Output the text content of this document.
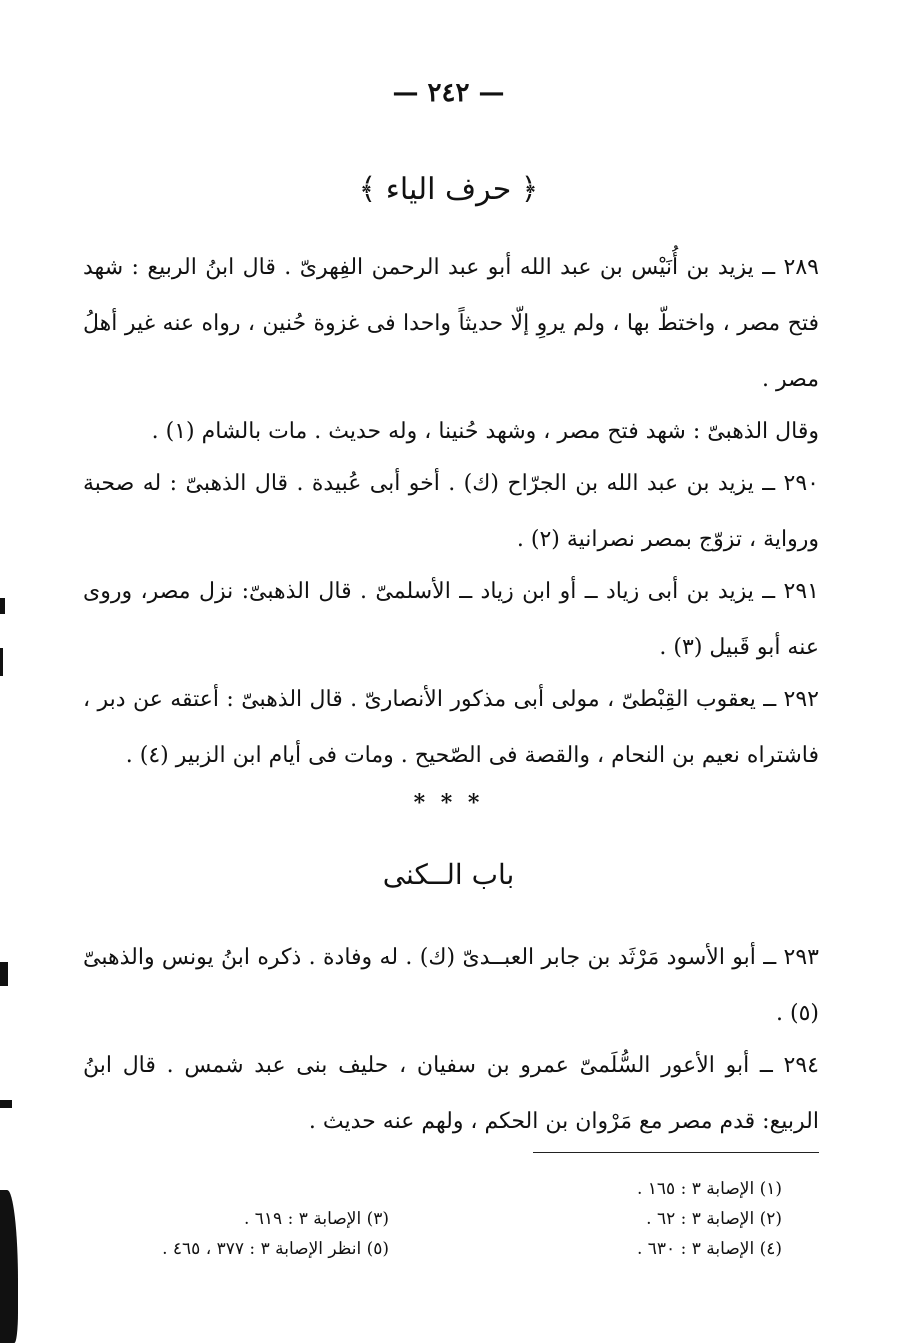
— ٢٤٢ —
﴿ حرف الياء ﴾
٢٨٩ ــ يزيد بن أُنَيْس بن عبد الله أبو عبد الرحمن الفِهرىّ . قال ابنُ الربيع : شهد فتح مصر ، واختطّ بها ، ولم يروِ إلّا حديثاً واحدا فى غزوة حُنين ، رواه عنه غير أهلُ مصر .
وقال الذهبىّ : شهد فتح مصر ، وشهد حُنينا ، وله حديث . مات بالشام (١) .
٢٩٠ ــ يزيد بن عبد الله بن الجرّاح (ك) . أخو أبى عُبيدة . قال الذهبىّ : له صحبة ورواية ، تزوّج بمصر نصرانية (٢) .
٢٩١ ــ يزيد بن أبى زياد ــ أو ابن زياد ــ الأسلمىّ . قال الذهبىّ: نزل مصر، وروى عنه أبو قَبيل (٣) .
٢٩٢ ــ يعقوب القِبْطىّ ، مولى أبى مذكور الأنصارىّ . قال الذهبىّ : أعتقه عن دبر ، فاشتراه نعيم بن النحام ، والقصة فى الصّحيح . ومات فى أيام ابن الزبير (٤) .
* * *
باب الــكنى
٢٩٣ ــ أبو الأسود مَرْثَد بن جابر العبــدىّ (ك) . له وفادة . ذكره ابنُ يونس والذهبىّ (٥) .
٢٩٤ ــ أبو الأعور السُّلَمىّ عمرو بن سفيان ، حليف بنى عبد شمس . قال ابنُ الربيع: قدم مصر مع مَرْوان بن الحكم ، ولهم عنه حديث .
(١) الإصابة ٣ : ١٦٥ .
(٢) الإصابة ٣ : ٦٢ .
(٤) الإصابة ٣ : ٦٣٠ .
(٣) الإصابة ٣ : ٦١٩ .
(٥) انظر الإصابة ٣ : ٣٧٧ ، ٤٦٥ .
